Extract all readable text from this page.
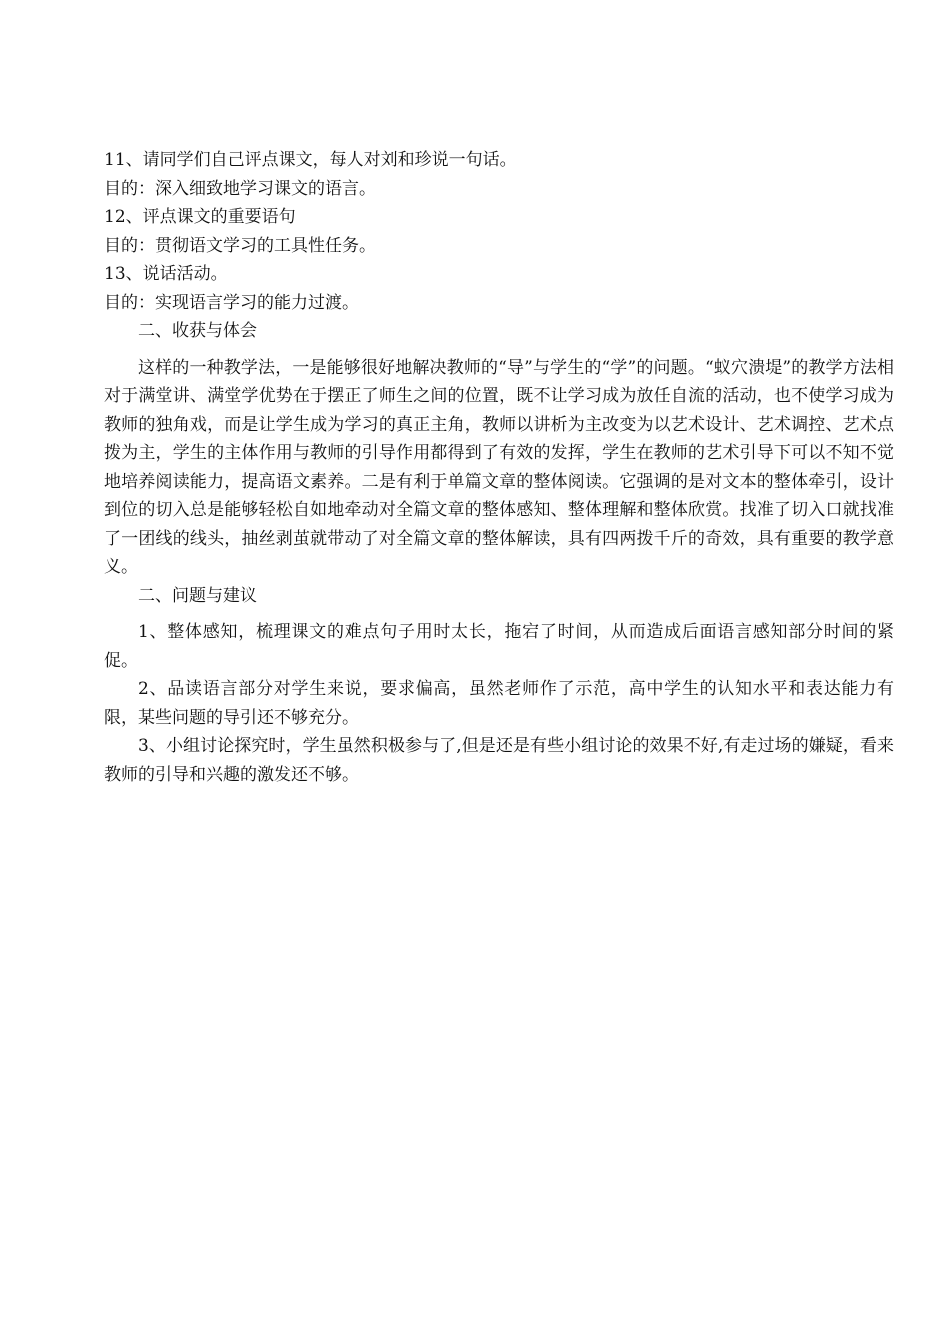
11、请同学们自己评点课文，每人对刘和珍说一句话。

目的：深入细致地学习课文的语言。

12、评点课文的重要语句

目的：贯彻语文学习的工具性任务。

13、说话活动。

目的：实现语言学习的能力过渡。

二、收获与体会

这样的一种教学法，一是能够很好地解决教师的“导”与学生的“学”的问题。“蚁穴溃堤”的教学方法相对于满堂讲、满堂学优势在于摆正了师生之间的位置，既不让学习成为放任自流的活动，也不使学习成为教师的独角戏，而是让学生成为学习的真正主角，教师以讲析为主改变为以艺术设计、艺术调控、艺术点拨为主，学生的主体作用与教师的引导作用都得到了有效的发挥，学生在教师的艺术引导下可以不知不觉地培养阅读能力，提高语文素养。二是有利于单篇文章的整体阅读。它强调的是对文本的整体牵引，设计到位的切入总是能够轻松自如地牵动对全篇文章的整体感知、整体理解和整体欣赏。找准了切入口就找准了一团线的线头，抽丝剥茧就带动了对全篇文章的整体解读，具有四两拨千斤的奇效，具有重要的教学意义。

二、问题与建议

1、整体感知，梳理课文的难点句子用时太长，拖宕了时间，从而造成后面语言感知部分时间的紧促。

2、品读语言部分对学生来说，要求偏高，虽然老师作了示范，高中学生的认知水平和表达能力有限，某些问题的导引还不够充分。

3、小组讨论探究时，学生虽然积极参与了,但是还是有些小组讨论的效果不好,有走过场的嫌疑，看来教师的引导和兴趣的激发还不够。
